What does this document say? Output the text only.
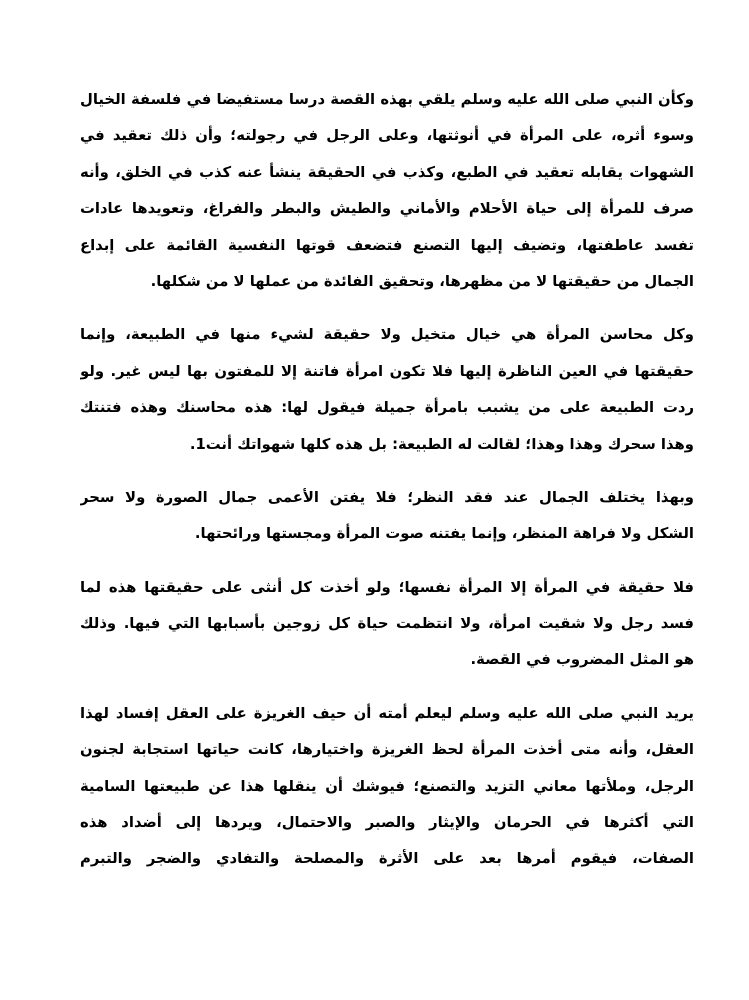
وكأن النبي صلى الله عليه وسلم يلقي بهذه القصة درسا مستفيضا في فلسفة الخيال
وسوء أثره، على المرأة في أنوثتها، وعلى الرجل في رجولته؛ وأن ذلك تعقيد في
الشهوات يقابله تعقيد في الطبع، وكذب في الحقيقة ينشأ عنه كذب في الخلق، وأنه
صرف للمرأة إلى حياة الأحلام والأماني والطيش والبطر والفراغ، وتعويدها عادات
تفسد عاطفتها، وتضيف إليها التصنع فتضعف قوتها النفسية القائمة على إبداع
الجمال من حقيقتها لا من مظهرها، وتحقيق الفائدة من عملها لا من شكلها.

وكل محاسن المرأة هي خيال متخيل ولا حقيقة لشيء منها في الطبيعة، وإنما
حقيقتها في العين الناظرة إليها فلا تكون امرأة فاتنة إلا للمفتون بها ليس غير. ولو
ردت الطبيعة على من يشبب بامرأة جميلة فيقول لها: هذه محاسنك وهذه فتنتك
وهذا سحرك وهذا وهذا؛ لقالت له الطبيعة: بل هذه كلها شهواتك أنت1.

وبهذا يختلف الجمال عند فقد النظر؛ فلا يفتن الأعمى جمال الصورة ولا سحر
الشكل ولا فراهة المنظر، وإنما يفتنه صوت المرأة ومجستها ورائحتها.

فلا حقيقة في المرأة إلا المرأة نفسها؛ ولو أخذت كل أنثى على حقيقتها هذه لما
فسد رجل ولا شقيت امرأة، ولا انتظمت حياة كل زوجين بأسبابها التي فيها. وذلك
هو المثل المضروب في القصة.

يريد النبي صلى الله عليه وسلم ليعلم أمته أن حيف الغريزة على العقل إفساد لهذا
العقل، وأنه متى أخذت المرأة لحظ الغريزة واختيارها، كانت حياتها استجابة لجنون
الرجل، وملأتها معاني التزيد والتصنع؛ فيوشك أن ينقلها هذا عن طبيعتها السامية
التي أكثرها في الحرمان والإيثار والصبر والاحتمال، ويردها إلى أضداد هذه
الصفات، فيقوم أمرها بعد على الأثرة والمصلحة والتفادي والضجر والتبرم
